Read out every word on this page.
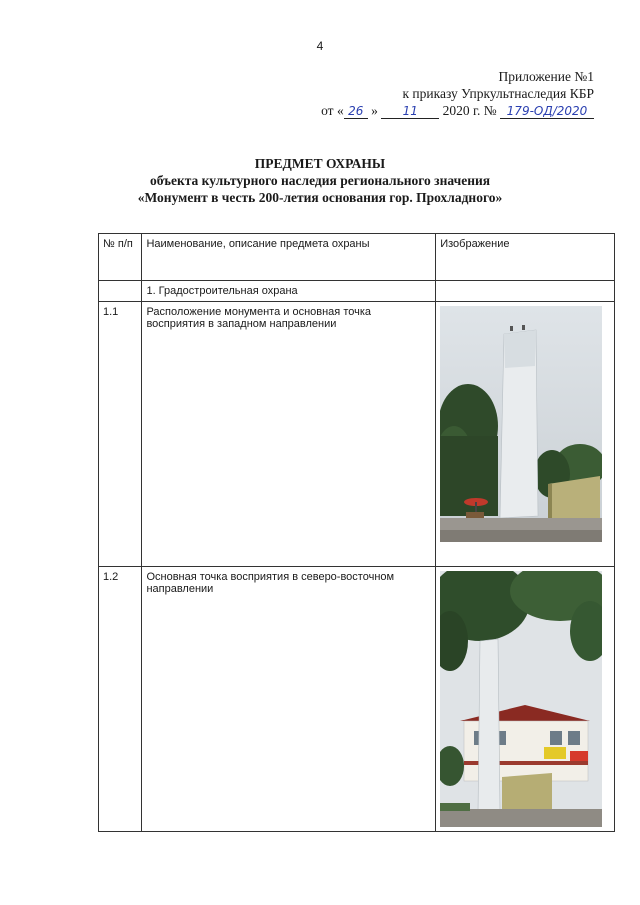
4
Приложение №1
к приказу Упркультнаследия КБР
от « 26 » 11 2020 г. № 179-ОД/2020
ПРЕДМЕТ ОХРАНЫ
объекта культурного наследия регионального значения
«Монумент в честь 200-летия основания гор. Прохладного»
№ п/п	Наименование, описание предмета охраны	Изображение
	1. Градостроительная охрана	
1.1	Расположение монумента и основная точка восприятия в западном направлении	

1.2	Основная точка восприятия в северо-восточном направлении	
